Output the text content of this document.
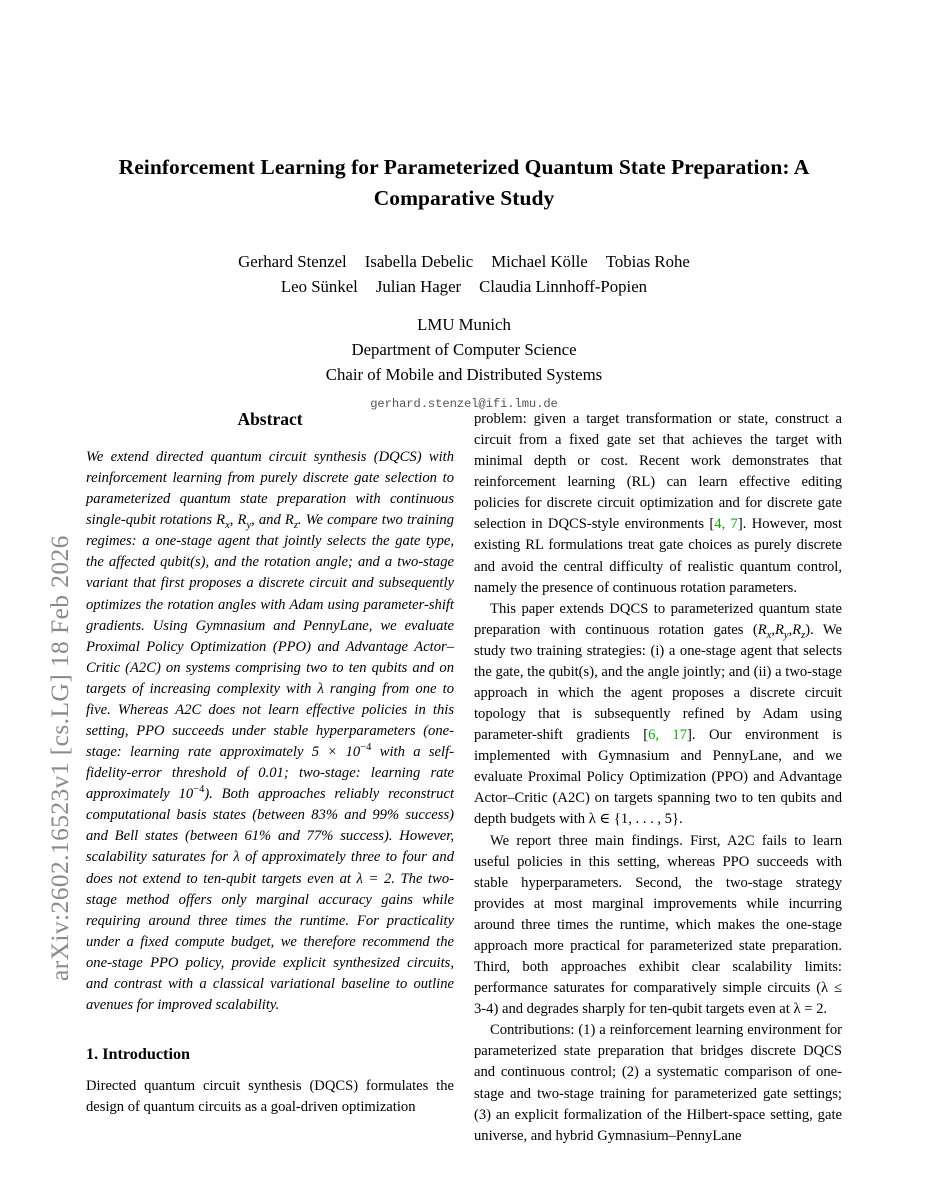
arXiv:2602.16523v1 [cs.LG] 18 Feb 2026
Reinforcement Learning for Parameterized Quantum State Preparation: A Comparative Study
Gerhard Stenzel Isabella Debelic Michael Kölle Tobias Rohe
Leo Sünkel Julian Hager Claudia Linnhoff-Popien
LMU Munich
Department of Computer Science
Chair of Mobile and Distributed Systems
gerhard.stenzel@ifi.lmu.de
Abstract

We extend directed quantum circuit synthesis (DQCS) with reinforcement learning from purely discrete gate selection to parameterized quantum state preparation with continuous single-qubit rotations $R_x$, $R_y$, and $R_z$. We compare two training regimes: a one-stage agent that jointly selects the gate type, the affected qubit(s), and the rotation angle; and a two-stage variant that first proposes a discrete circuit and subsequently optimizes the rotation angles with Adam using parameter-shift gradients. Using Gymnasium and PennyLane, we evaluate Proximal Policy Optimization (PPO) and Advantage Actor–Critic (A2C) on systems comprising two to ten qubits and on targets of increasing complexity with λ ranging from one to five. Whereas A2C does not learn effective policies in this setting, PPO succeeds under stable hyperparameters (one-stage: learning rate approximately $5 \times 10^{-4}$ with a self-fidelity-error threshold of 0.01; two-stage: learning rate approximately $10^{-4}$). Both approaches reliably reconstruct computational basis states (between 83% and 99% success) and Bell states (between 61% and 77% success). However, scalability saturates for λ of approximately three to four and does not extend to ten-qubit targets even at λ = 2. The two-stage method offers only marginal accuracy gains while requiring around three times the runtime. For practicality under a fixed compute budget, we therefore recommend the one-stage PPO policy, provide explicit synthesized circuits, and contrast with a classical variational baseline to outline avenues for improved scalability.

1. Introduction

Directed quantum circuit synthesis (DQCS) formulates the design of quantum circuits as a goal-driven optimization

problem: given a target transformation or state, construct a circuit from a fixed gate set that achieves the target with minimal depth or cost. Recent work demonstrates that reinforcement learning (RL) can learn effective editing policies for discrete circuit optimization and for discrete gate selection in DQCS-style environments [4, 7]. However, most existing RL formulations treat gate choices as purely discrete and avoid the central difficulty of realistic quantum control, namely the presence of continuous rotation parameters.

This paper extends DQCS to parameterized quantum state preparation with continuous rotation gates $(R_x,R_y,R_z)$. We study two training strategies: (i) a one-stage agent that selects the gate, the qubit(s), and the angle jointly; and (ii) a two-stage approach in which the agent proposes a discrete circuit topology that is subsequently refined by Adam using parameter-shift gradients [6, 17]. Our environment is implemented with Gymnasium and PennyLane, and we evaluate Proximal Policy Optimization (PPO) and Advantage Actor–Critic (A2C) on targets spanning two to ten qubits and depth budgets with λ ∈ {1, . . . , 5}.

We report three main findings. First, A2C fails to learn useful policies in this setting, whereas PPO succeeds with stable hyperparameters. Second, the two-stage strategy provides at most marginal improvements while incurring around three times the runtime, which makes the one-stage approach more practical for parameterized state preparation. Third, both approaches exhibit clear scalability limits: performance saturates for comparatively simple circuits (λ ≤ 3-4) and degrades sharply for ten-qubit targets even at λ = 2.

Contributions: (1) a reinforcement learning environment for parameterized state preparation that bridges discrete DQCS and continuous control; (2) a systematic comparison of one-stage and two-stage training for parameterized gate settings; (3) an explicit formalization of the Hilbert-space setting, gate universe, and hybrid Gymnasium–PennyLane
